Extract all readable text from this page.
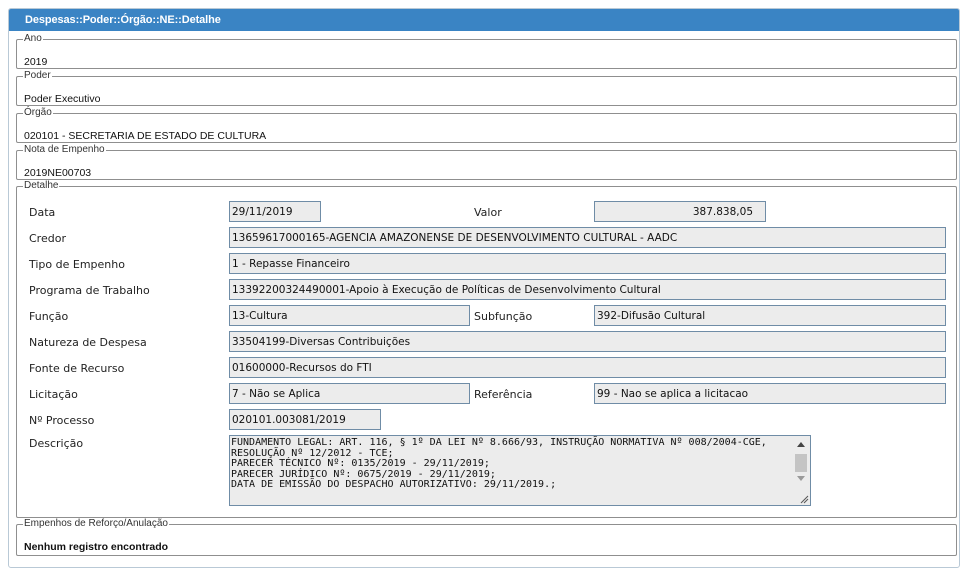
Despesas::Poder::Órgão::NE::Detalhe
Ano
2019
Poder
Poder Executivo
Órgão
020101 - SECRETARIA DE ESTADO DE CULTURA
Nota de Empenho
2019NE00703
Detalhe
Data	29/11/2019	Valor	387.838,05
Credor	13659617000165-AGENCIA AMAZONENSE DE DESENVOLVIMENTO CULTURAL - AADC
Tipo de Empenho	1 - Repasse Financeiro
Programa de Trabalho	13392200324490001-Apoio à Execução de Políticas de Desenvolvimento Cultural
Função	13-Cultura	Subfunção	392-Difusão Cultural
Natureza de Despesa	33504199-Diversas Contribuições
Fonte de Recurso	01600000-Recursos do FTI
Licitação	7 - Não se Aplica	Referência	99 - Nao se aplica a licitacao
Nº Processo	020101.003081/2019
Descrição	FUNDAMENTO LEGAL: ART. 116, § 1º DA LEI Nº 8.666/93, INSTRUÇÃO NORMATIVA Nº 008/2004-CGE,
RESOLUÇÃO Nº 12/2012 - TCE;
PARECER TÉCNICO Nº: 0135/2019 - 29/11/2019;
PARECER JURÍDICO Nº: 0675/2019 - 29/11/2019;
DATA DE EMISSÃO DO DESPACHO AUTORIZATIVO: 29/11/2019.;
Empenhos de Reforço/Anulação
Nenhum registro encontrado
